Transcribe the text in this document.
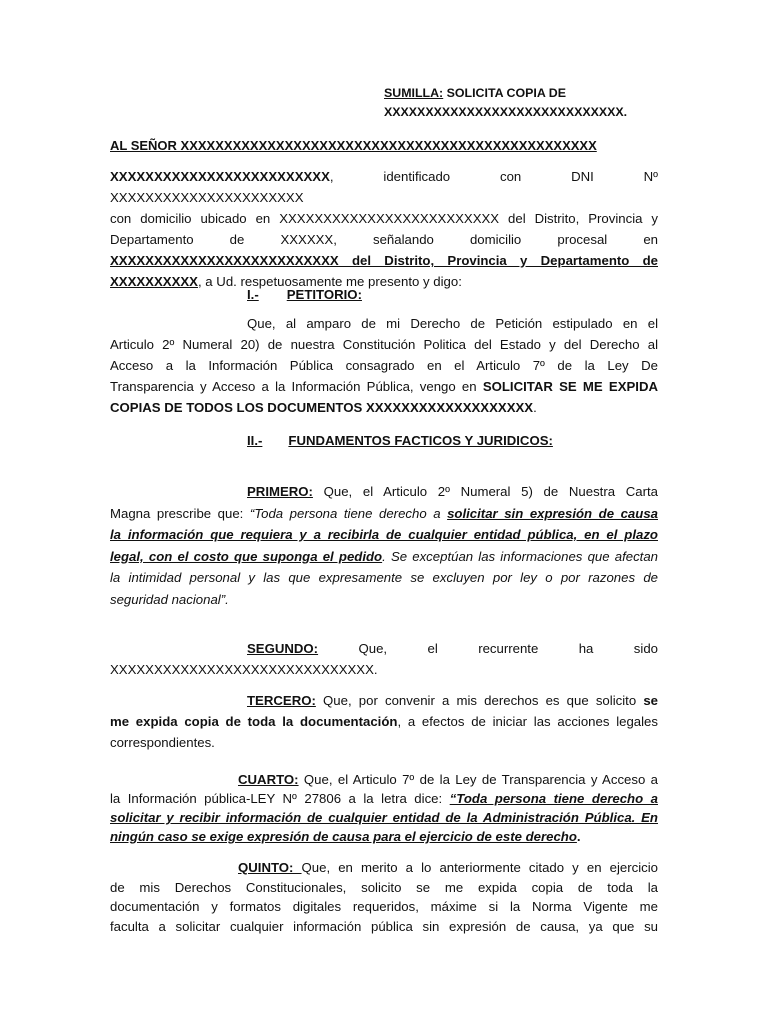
SUMILLA: SOLICITA COPIA DE
XXXXXXXXXXXXXXXXXXXXXXXXXXXXX.
AL SEÑOR XXXXXXXXXXXXXXXXXXXXXXXXXXXXXXXXXXXXXXXXXXXXXXXX
XXXXXXXXXXXXXXXXXXXXXXXXX, identificado con DNI Nº XXXXXXXXXXXXXXXXXXXXXX
con domicilio ubicado en XXXXXXXXXXXXXXXXXXXXXXXXX del Distrito, Provincia y
Departamento de XXXXXX, señalando domicilio procesal en
XXXXXXXXXXXXXXXXXXXXXXXXXX del Distrito, Provincia y Departamento de
XXXXXXXXXX, a Ud. respetuosamente me presento y digo:
I.- PETITORIO:
Que, al amparo de mi Derecho de Petición estipulado en el
Articulo 2º Numeral 20) de nuestra Constitución Politica del Estado y del Derecho al
Acceso a la Información Pública consagrado en el Articulo 7º de la Ley De
Transparencia y Acceso a la Información Pública, vengo en SOLICITAR SE ME EXPIDA
COPIAS DE TODOS LOS DOCUMENTOS XXXXXXXXXXXXXXXXXXX.
II.- FUNDAMENTOS FACTICOS Y JURIDICOS:
PRIMERO: Que, el Articulo 2º Numeral 5) de Nuestra Carta
Magna prescribe que: “Toda persona tiene derecho a solicitar sin expresión de causa
la información que requiera y a recibirla de cualquier entidad pública, en el plazo
legal, con el costo que suponga el pedido. Se exceptúan las informaciones que afectan
la intimidad personal y las que expresamente se excluyen por ley o por razones de
seguridad nacional”.
SEGUNDO:	Que, el recurrente ha sido
XXXXXXXXXXXXXXXXXXXXXXXXXXXXXX.
TERCERO: Que, por convenir a mis derechos es que solicito se
me expida copia de toda la documentación, a efectos de iniciar las acciones legales
correspondientes.
CUARTO: Que, el Articulo 7º de la Ley de Transparencia y Acceso a
la Información pública-LEY Nº 27806 a la letra dice: “Toda persona tiene derecho a
solicitar y recibir información de cualquier entidad de la Administración Pública. En
ningún caso se exige expresión de causa para el ejercicio de este derecho.
QUINTO: Que, en merito a lo anteriormente citado y en ejercicio
de mis Derechos Constitucionales, solicito se me expida copia de toda la
documentación y formatos digitales requeridos, máxime si la Norma Vigente me
faculta a solicitar cualquier información pública sin expresión de causa, ya que su
